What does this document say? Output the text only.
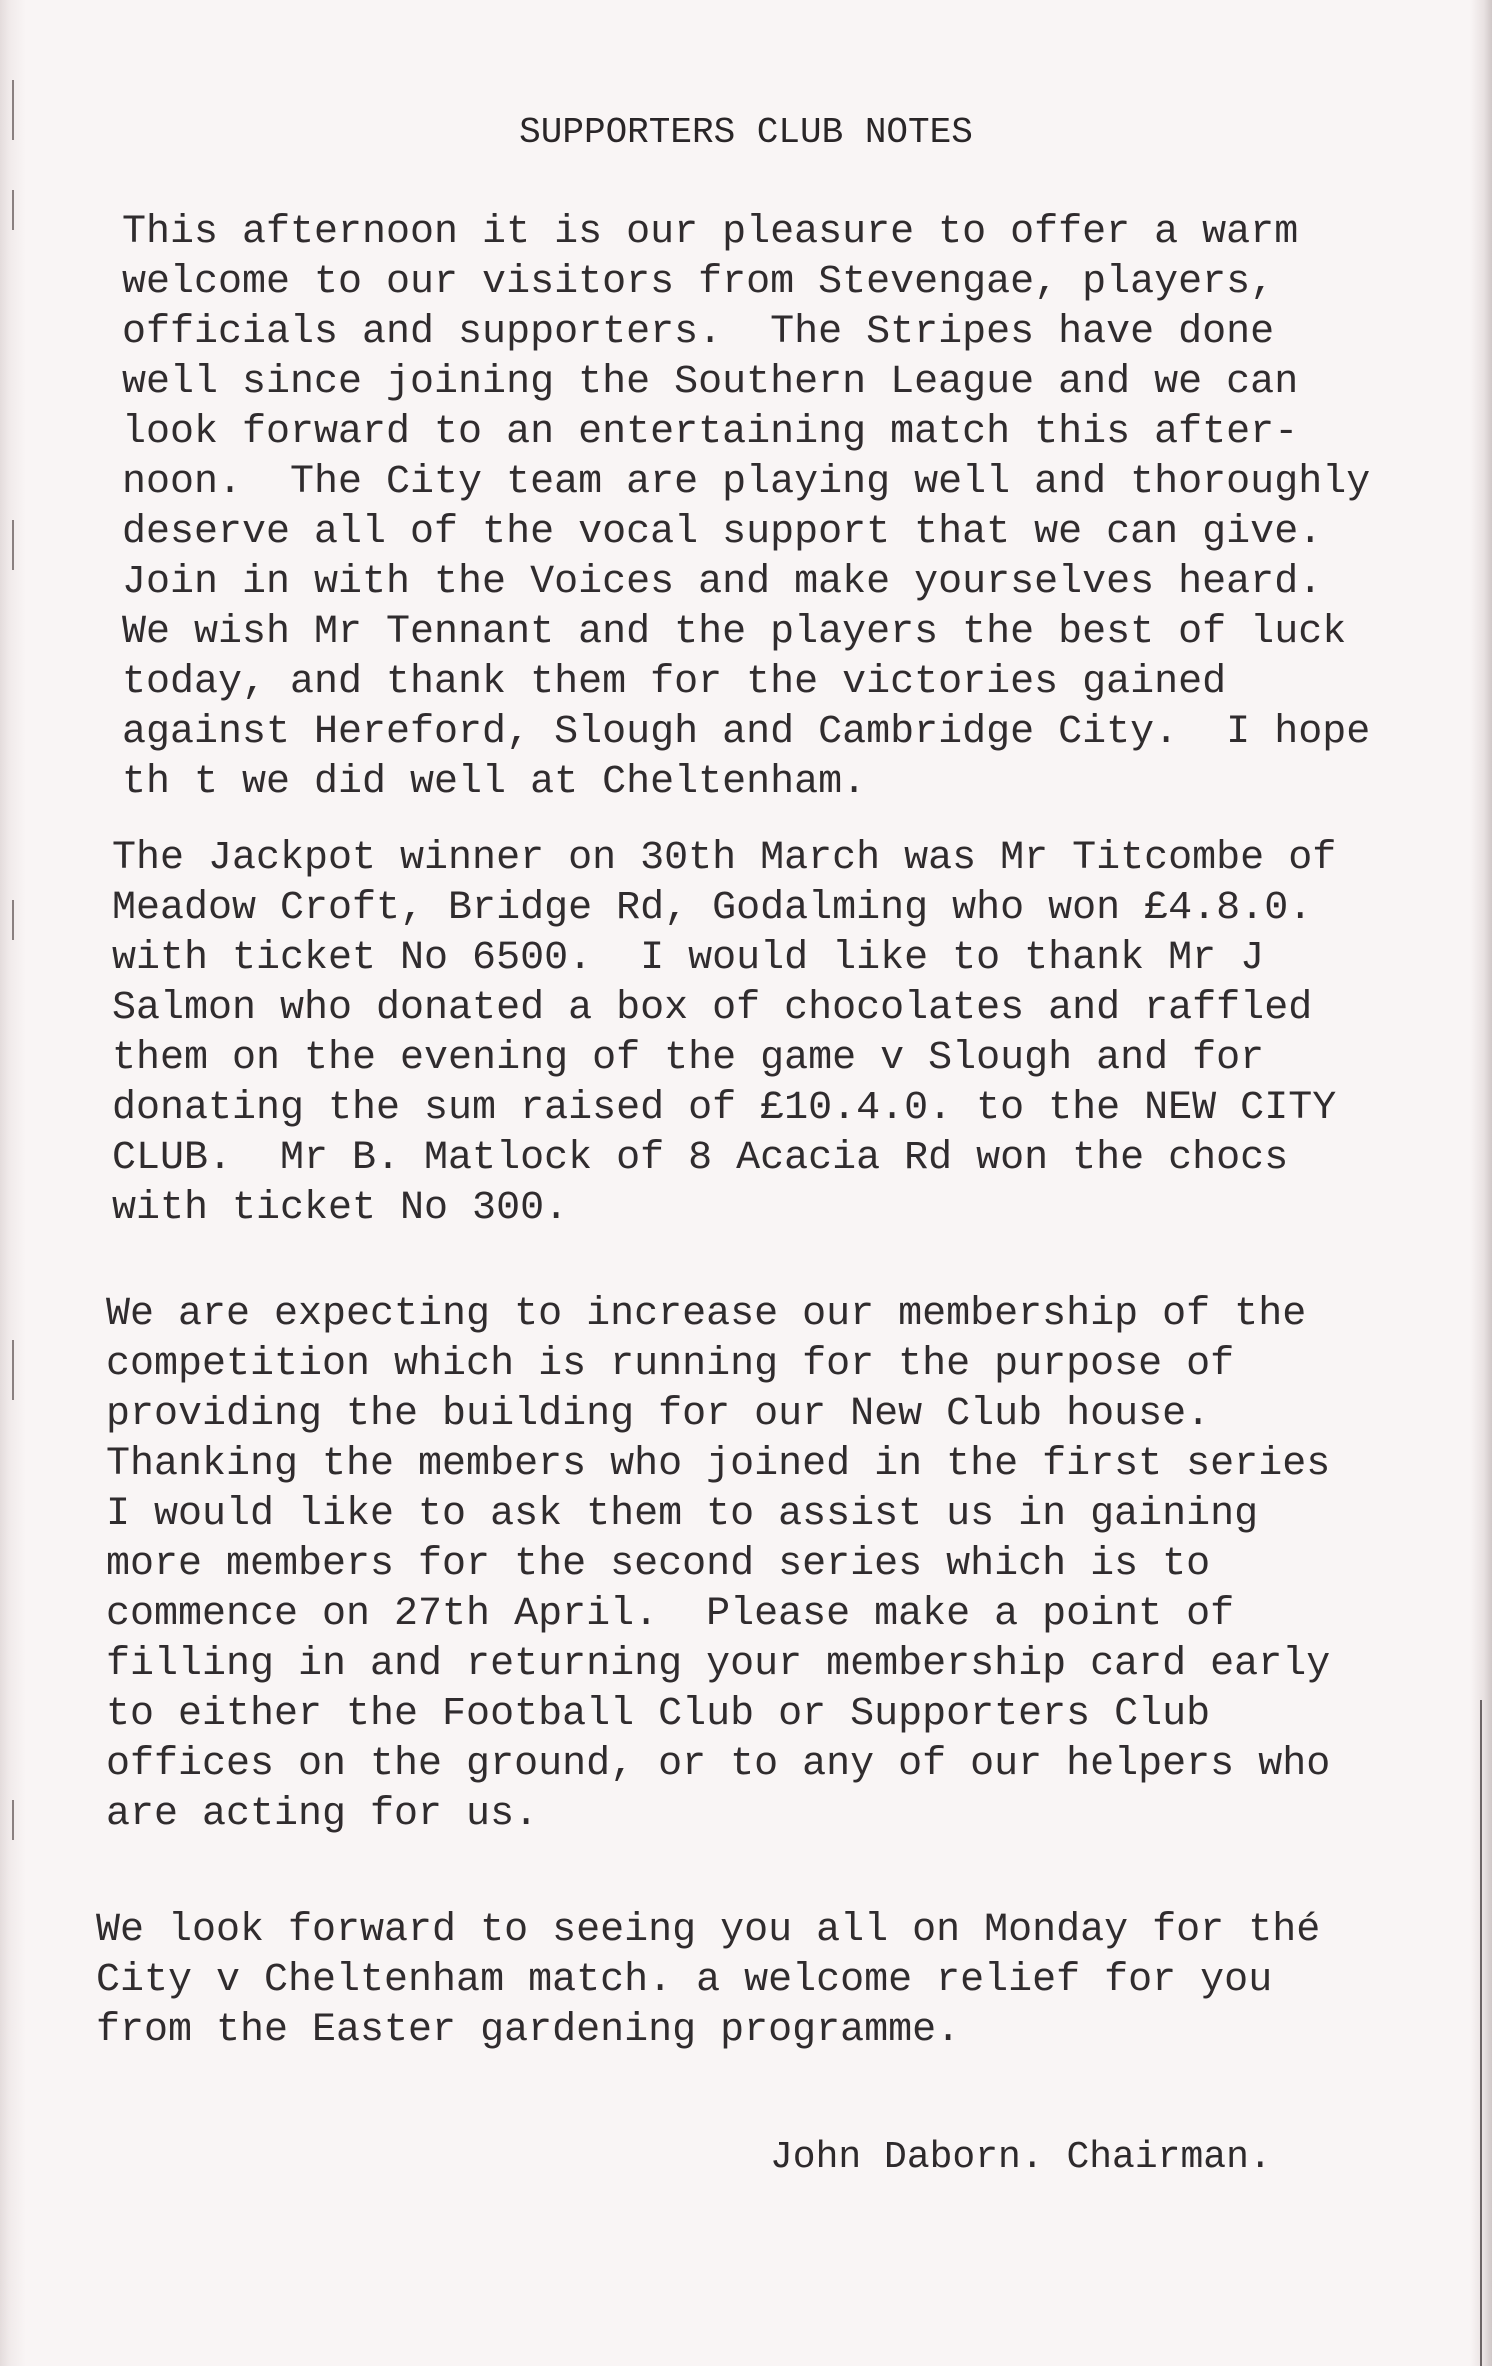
SUPPORTERS CLUB NOTES
This afternoon it is our pleasure to offer a warm
welcome to our visitors from Stevengae, players,
officials and supporters.  The Stripes have done
well since joining the Southern League and we can
look forward to an entertaining match this after-
noon.  The City team are playing well and thoroughly
deserve all of the vocal support that we can give.
Join in with the Voices and make yourselves heard.
We wish Mr Tennant and the players the best of luck
today, and thank them for the victories gained
against Hereford, Slough and Cambridge City.  I hope
th t we did well at Cheltenham.
The Jackpot winner on 30th March was Mr Titcombe of
Meadow Croft, Bridge Rd, Godalming who won £4.8.0.
with ticket No 6500.  I would like to thank Mr J
Salmon who donated a box of chocolates and raffled
them on the evening of the game v Slough and for
donating the sum raised of £10.4.0. to the NEW CITY
CLUB.  Mr B. Matlock of 8 Acacia Rd won the chocs
with ticket No 300.
We are expecting to increase our membership of the
competition which is running for the purpose of
providing the building for our New Club house.
Thanking the members who joined in the first series
I would like to ask them to assist us in gaining
more members for the second series which is to
commence on 27th April.  Please make a point of
filling in and returning your membership card early
to either the Football Club or Supporters Club
offices on the ground, or to any of our helpers who
are acting for us.
We look forward to seeing you all on Monday for thé
City v Cheltenham match. a welcome relief for you
from the Easter gardening programme.
John Daborn. Chairman.
